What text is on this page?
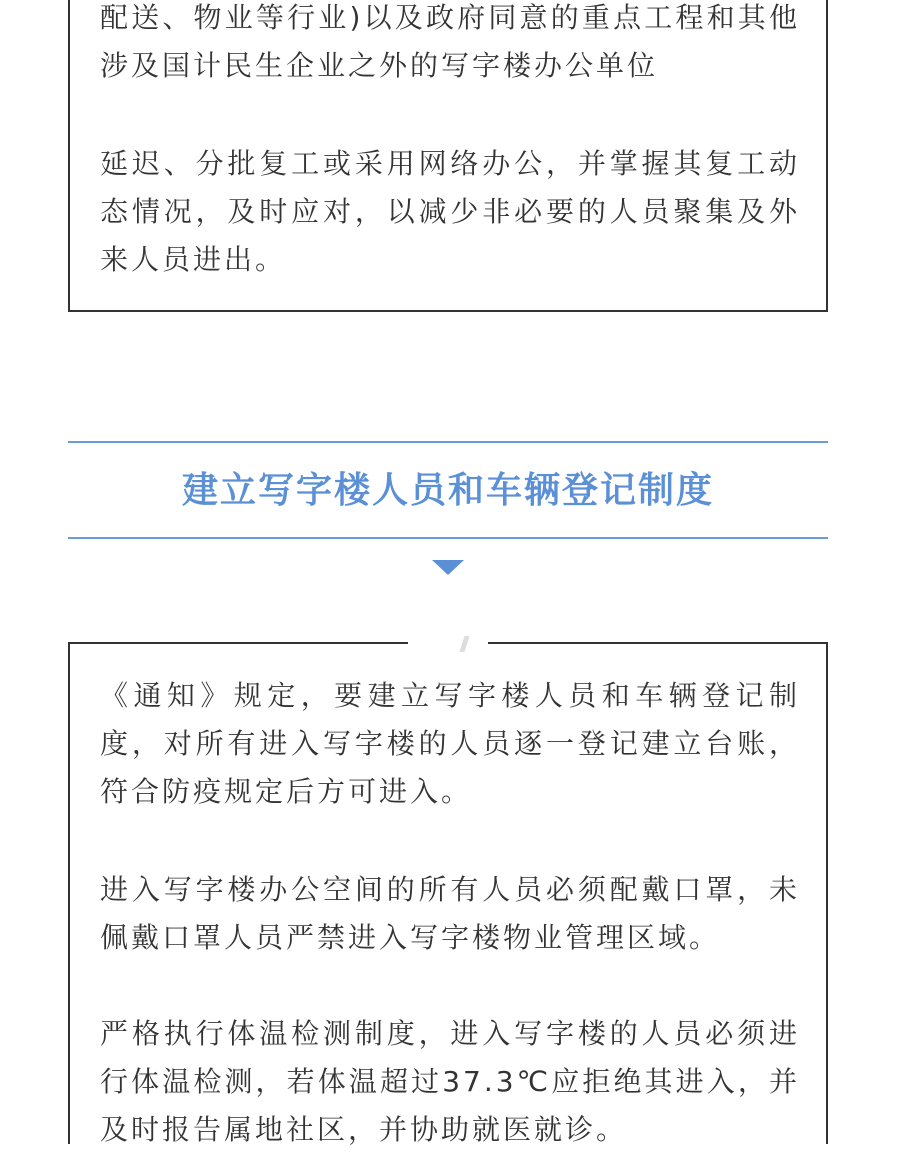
配送、物业等行业)以及政府同意的重点工程和其他涉及国计民生企业之外的写字楼办公单位

延迟、分批复工或采用网络办公，并掌握其复工动态情况，及时应对，以减少非必要的人员聚集及外来人员进出。

建立写字楼人员和车辆登记制度

《通知》规定，要建立写字楼人员和车辆登记制度，对所有进入写字楼的人员逐一登记建立台账，符合防疫规定后方可进入。

进入写字楼办公空间的所有人员必须配戴口罩，未佩戴口罩人员严禁进入写字楼物业管理区域。

严格执行体温检测制度，进入写字楼的人员必须进行体温检测，若体温超过37.3℃应拒绝其进入，并及时报告属地社区，并协助就医就诊。
